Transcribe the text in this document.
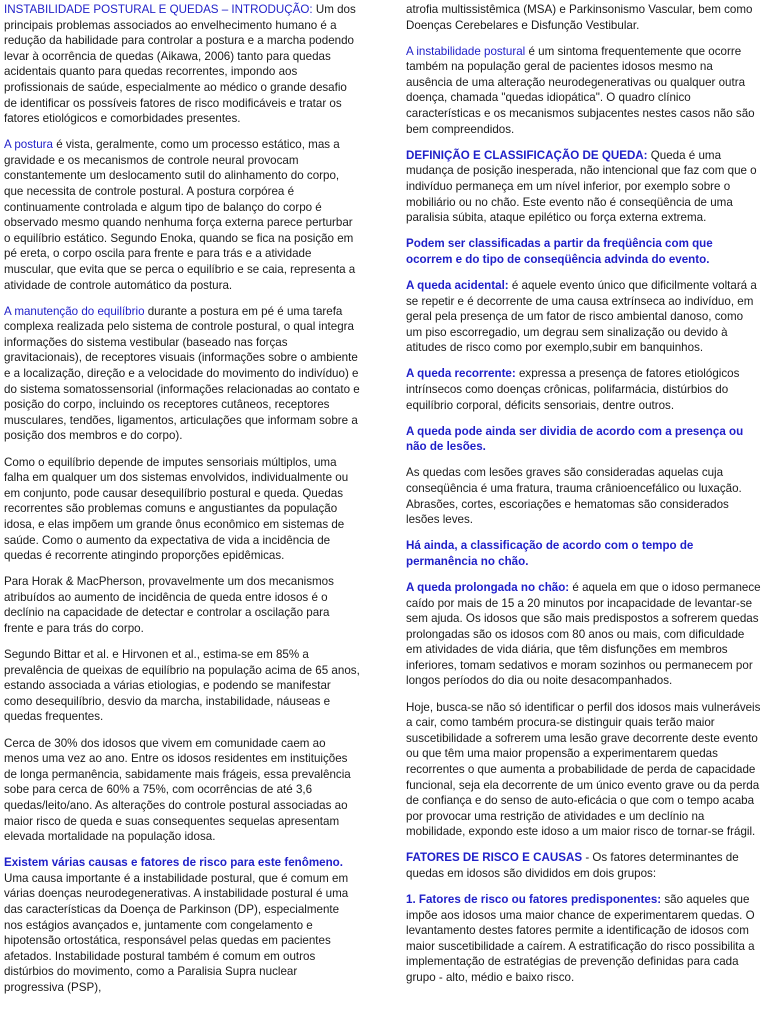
INSTABILIDADE POSTURAL E QUEDAS – INTRODUÇÃO: Um dos principais problemas associados ao envelhecimento humano é a redução da habilidade para controlar a postura e a marcha podendo levar à ocorrência de quedas (Aikawa, 2006) tanto para quedas acidentais quanto para quedas recorrentes, impondo aos profissionais de saúde, especialmente ao médico o grande desafio de identificar os possíveis fatores de risco modificáveis e tratar os fatores etiológicos e comorbidades presentes.

A postura é vista, geralmente, como um processo estático, mas a gravidade e os mecanismos de controle neural provocam constantemente um deslocamento sutil do alinhamento do corpo, que necessita de controle postural. A postura corpórea é continuamente controlada e algum tipo de balanço do corpo é observado mesmo quando nenhuma força externa parece perturbar o equilíbrio estático. Segundo Enoka, quando se fica na posição em pé ereta, o corpo oscila para frente e para trás e a atividade muscular, que evita que se perca o equilíbrio e se caia, representa a atividade de controle automático da postura.

A manutenção do equilíbrio durante a postura em pé é uma tarefa complexa realizada pelo sistema de controle postural, o qual integra informações do sistema vestibular (baseado nas forças gravitacionais), de receptores visuais (informações sobre o ambiente e a localização, direção e a velocidade do movimento do indivíduo) e do sistema somatossensorial (informações relacionadas ao contato e posição do corpo, incluindo os receptores cutâneos, receptores musculares, tendões, ligamentos, articulações que informam sobre a posição dos membros e do corpo).

Como o equilíbrio depende de imputes sensoriais múltiplos, uma falha em qualquer um dos sistemas envolvidos, individualmente ou em conjunto, pode causar desequilíbrio postural e queda. Quedas recorrentes são problemas comuns e angustiantes da população idosa, e elas impõem um grande ônus econômico em sistemas de saúde. Como o aumento da expectativa de vida a incidência de quedas é recorrente atingindo proporções epidêmicas.

Para Horak & MacPherson, provavelmente um dos mecanismos atribuídos ao aumento de incidência de queda entre idosos é o declínio na capacidade de detectar e controlar a oscilação para frente e para trás do corpo.

Segundo Bittar et al. e Hirvonen et al., estima-se em 85% a prevalência de queixas de equilíbrio na população acima de 65 anos, estando associada a várias etiologias, e podendo se manifestar como desequilíbrio, desvio da marcha, instabilidade, náuseas e quedas frequentes.

Cerca de 30% dos idosos que vivem em comunidade caem ao menos uma vez ao ano. Entre os idosos residentes em instituições de longa permanência, sabidamente mais frágeis, essa prevalência sobe para cerca de 60% a 75%, com ocorrências de até 3,6 quedas/leito/ano. As alterações do controle postural associadas ao maior risco de queda e suas consequentes sequelas apresentam elevada mortalidade na população idosa.

Existem várias causas e fatores de risco para este fenômeno. Uma causa importante é a instabilidade postural, que é comum em várias doenças neurodegenerativas. A instabilidade postural é uma das características da Doença de Parkinson (DP), especialmente nos estágios avançados e, juntamente com congelamento e hipotensão ortostática, responsável pelas quedas em pacientes afetados. Instabilidade postural também é comum em outros distúrbios do movimento, como a Paralisia Supra nuclear progressiva (PSP),

atrofia multissistêmica (MSA) e Parkinsonismo Vascular, bem como Doenças Cerebelares e Disfunção Vestibular.

A instabilidade postural é um sintoma frequentemente que ocorre também na população geral de pacientes idosos mesmo na ausência de uma alteração neurodegenerativas ou qualquer outra doença, chamada "quedas idiopática". O quadro clínico características e os mecanismos subjacentes nestes casos não são bem compreendidos.

DEFINIÇÃO E CLASSIFICAÇÃO DE QUEDA: Queda é uma mudança de posição inesperada, não intencional que faz com que o indivíduo permaneça em um nível inferior, por exemplo sobre o mobiliário ou no chão. Este evento não é conseqüência de uma paralisia súbita, ataque epilético ou força externa extrema.

Podem ser classificadas a partir da freqüência com que ocorrem e do tipo de conseqüência advinda do evento.

A queda acidental: é aquele evento único que dificilmente voltará a se repetir e é decorrente de uma causa extrínseca ao indivíduo, em geral pela presença de um fator de risco ambiental danoso, como um piso escorregadio, um degrau sem sinalização ou devido à atitudes de risco como por exemplo,subir em banquinhos.

A queda recorrente: expressa a presença de fatores etiológicos intrínsecos como doenças crônicas, polifarmácia, distúrbios do equilíbrio corporal, déficits sensoriais, dentre outros.

A queda pode ainda ser dividia de acordo com a presença ou não de lesões.

As quedas com lesões graves são consideradas aquelas cuja conseqüência é uma fratura, trauma crânioencefálico ou luxação. Abrasões, cortes, escoriações e hematomas são considerados lesões leves.

Há ainda, a classificação de acordo com o tempo de permanência no chão.

A queda prolongada no chão: é aquela em que o idoso permanece caído por mais de 15 a 20 minutos por incapacidade de levantar-se sem ajuda. Os idosos que são mais predispostos a sofrerem quedas prolongadas são os idosos com 80 anos ou mais, com dificuldade em atividades de vida diária, que têm disfunções em membros inferiores, tomam sedativos e moram sozinhos ou permanecem por longos períodos do dia ou noite desacompanhados.

Hoje, busca-se não só identificar o perfil dos idosos mais vulneráveis a cair, como também procura-se distinguir quais terão maior suscetibilidade a sofrerem uma lesão grave decorrente deste evento ou que têm uma maior propensão a experimentarem quedas recorrentes o que aumenta a probabilidade de perda de capacidade funcional, seja ela decorrente de um único evento grave ou da perda de confiança e do senso de auto-eficácia o que com o tempo acaba por provocar uma restrição de atividades e um declínio na mobilidade, expondo este idoso a um maior risco de tornar-se frágil.

FATORES DE RISCO E CAUSAS - Os fatores determinantes de quedas em idosos são divididos em dois grupos:

1. Fatores de risco ou fatores predisponentes: são aqueles que impõe aos idosos uma maior chance de experimentarem quedas. O levantamento destes fatores permite a identificação de idosos com maior suscetibilidade a caírem. A estratificação do risco possibilita a implementação de estratégias de prevenção definidas para cada grupo - alto, médio e baixo risco.
